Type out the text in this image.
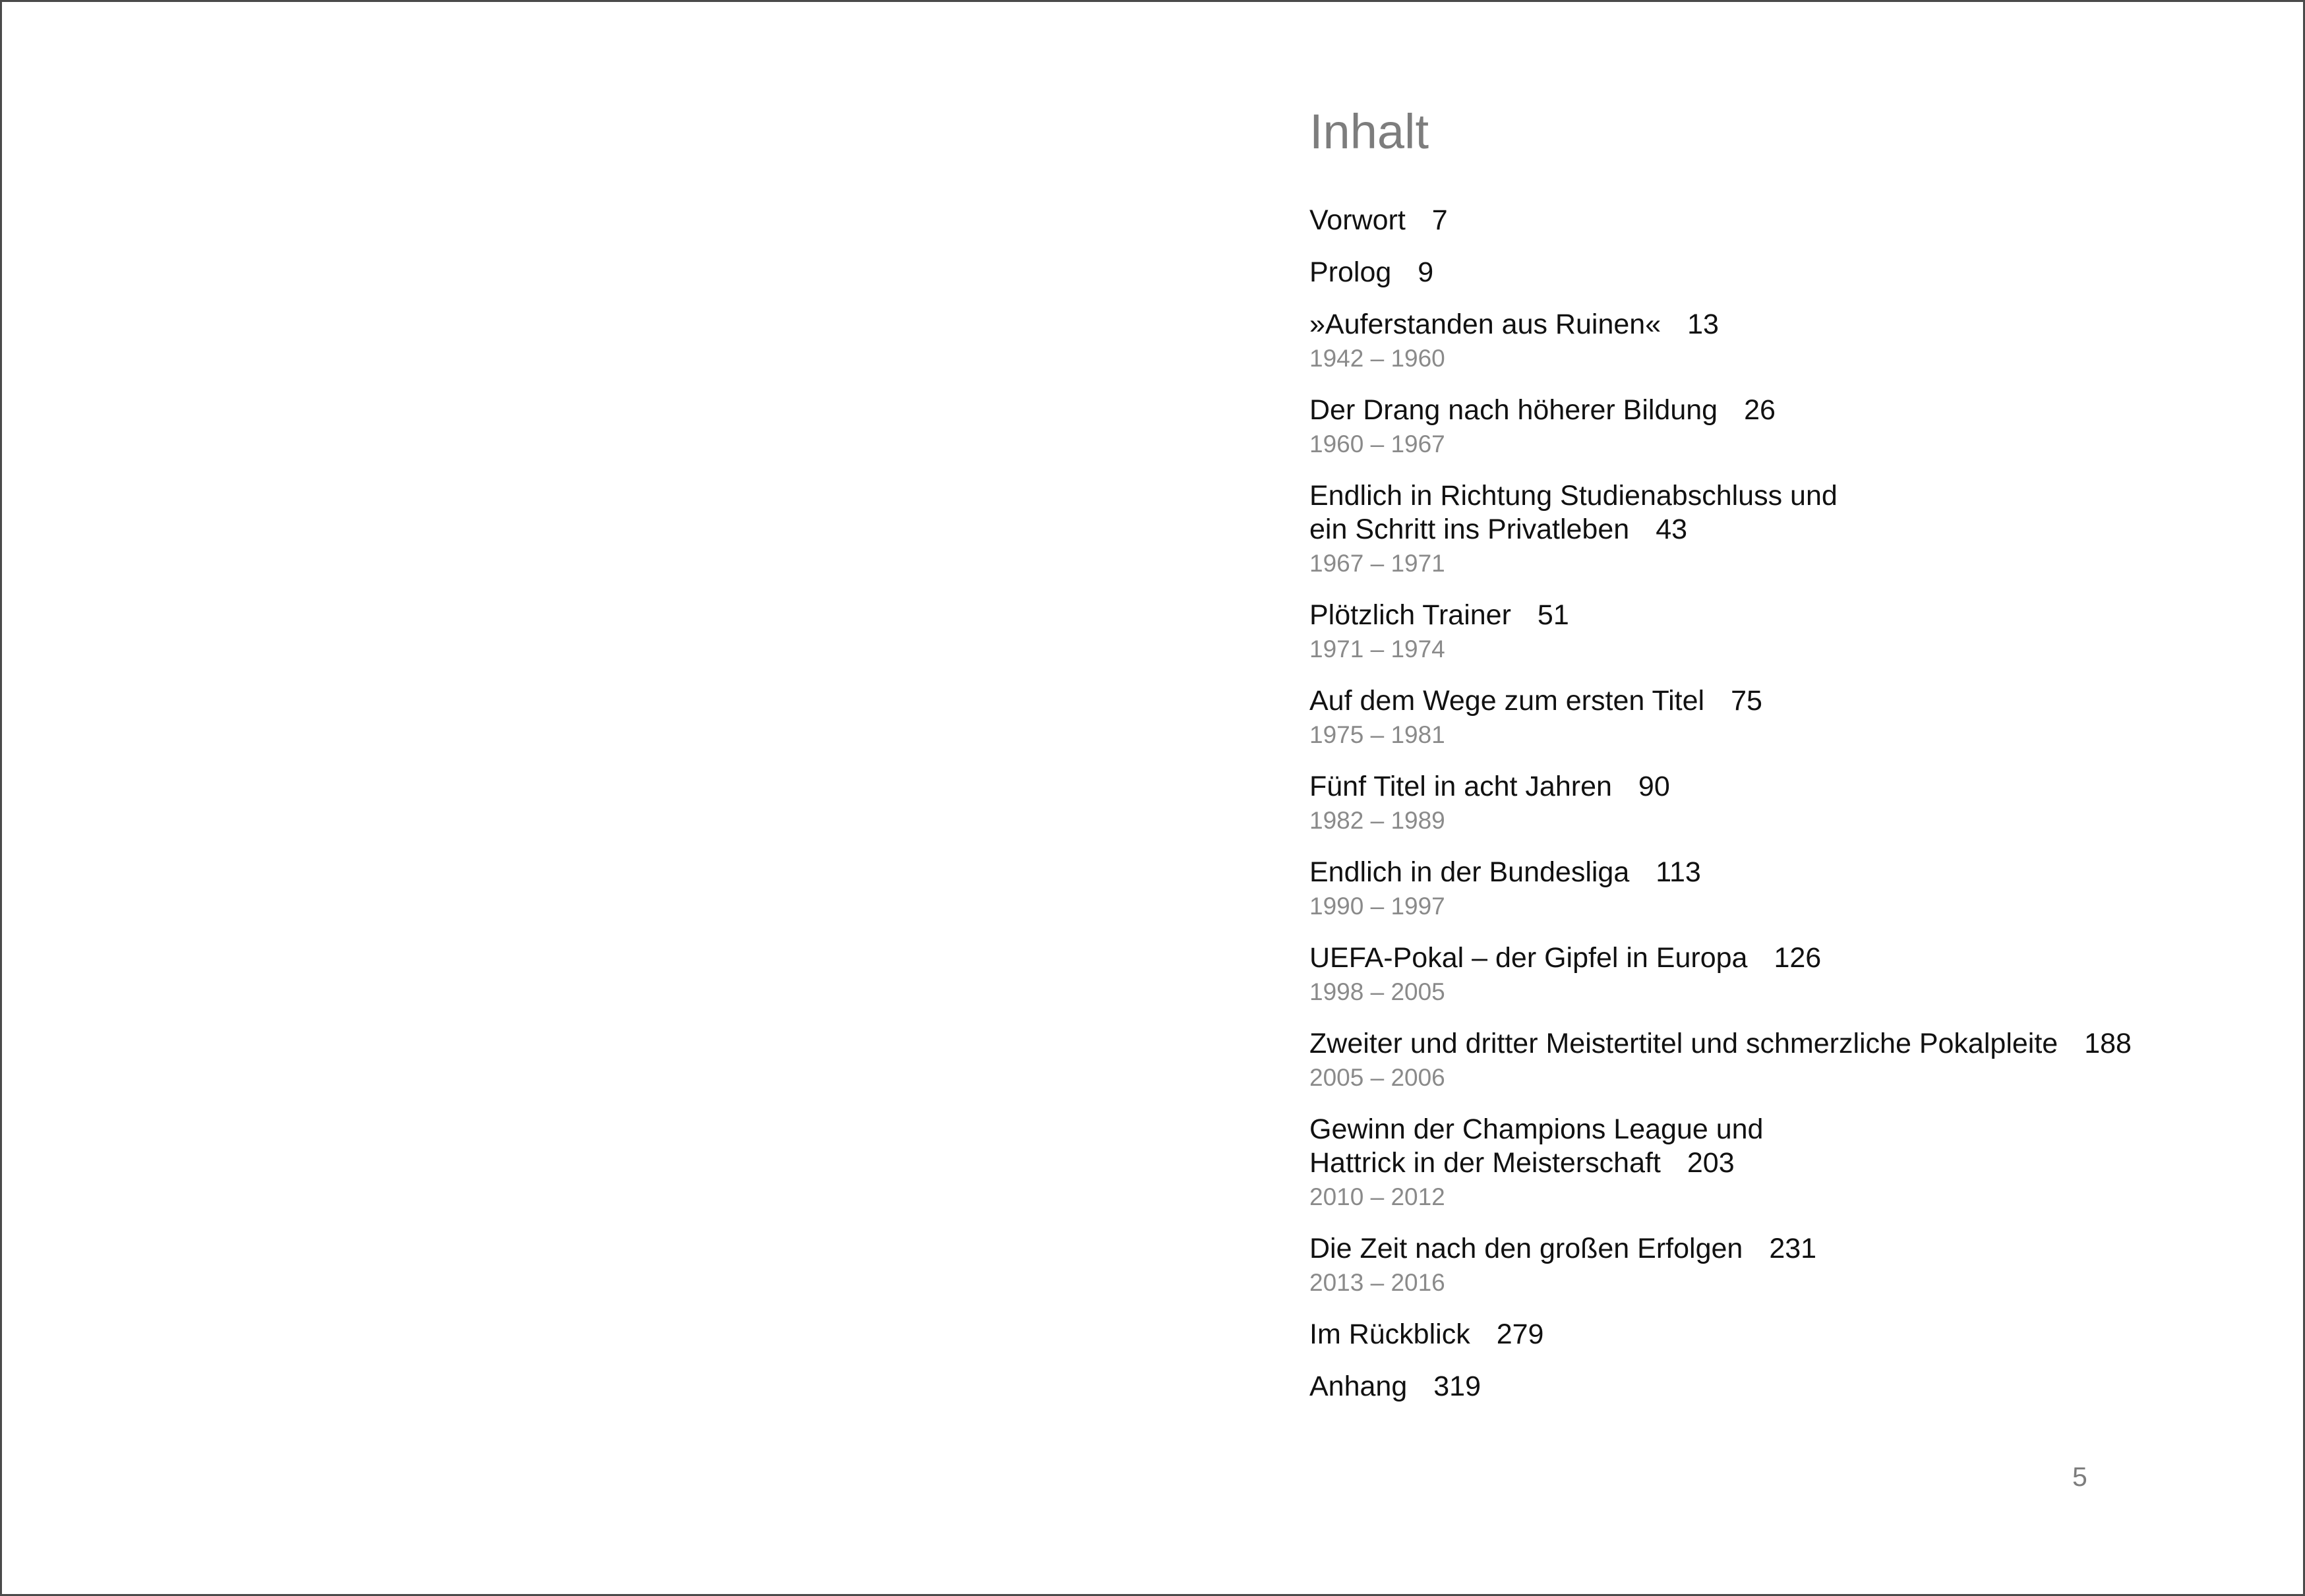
Inhalt
Vorwort 7
Prolog 9
»Auferstanden aus Ruinen« 13
1942 – 1960
Der Drang nach höherer Bildung 26
1960 – 1967
Endlich in Richtung Studienabschluss und
ein Schritt ins Privatleben 43
1967 – 1971
Plötzlich Trainer 51
1971 – 1974
Auf dem Wege zum ersten Titel 75
1975 – 1981
Fünf Titel in acht Jahren 90
1982 – 1989
Endlich in der Bundesliga 113
1990 – 1997
UEFA-Pokal – der Gipfel in Europa 126
1998 – 2005
Zweiter und dritter Meistertitel und schmerzliche Pokalpleite 188
2005 – 2006
Gewinn der Champions League und
Hattrick in der Meisterschaft 203
2010 – 2012
Die Zeit nach den großen Erfolgen 231
2013 – 2016
Im Rückblick 279
Anhang 319
5
